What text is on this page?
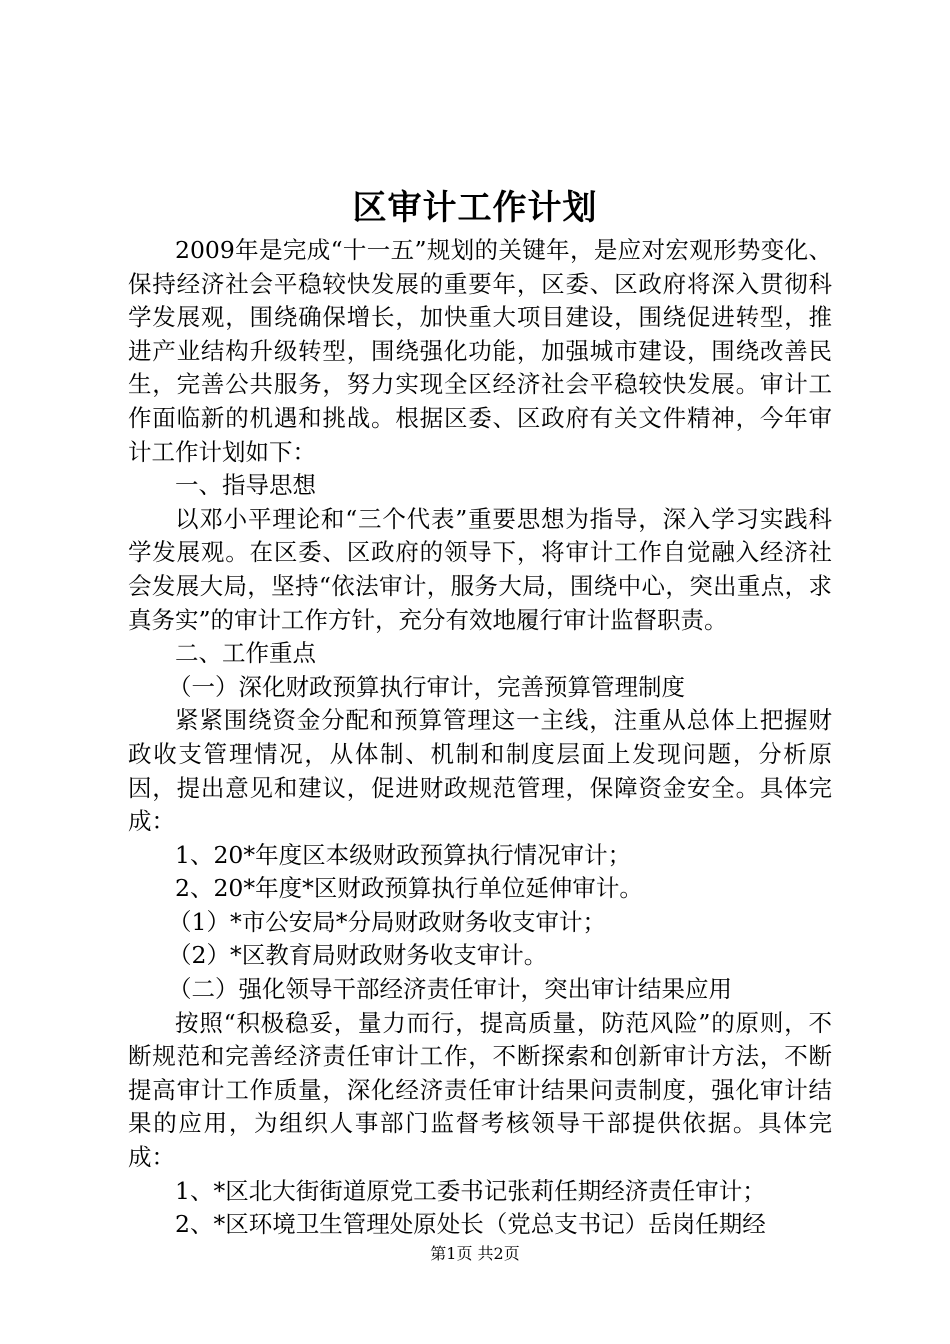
区审计工作计划

2009年是完成“十一五”规划的关键年，是应对宏观形势变化、保持经济社会平稳较快发展的重要年，区委、区政府将深入贯彻科学发展观，围绕确保增长，加快重大项目建设，围绕促进转型，推进产业结构升级转型，围绕强化功能，加强城市建设，围绕改善民生，完善公共服务，努力实现全区经济社会平稳较快发展。审计工作面临新的机遇和挑战。根据区委、区政府有关文件精神，今年审计工作计划如下：

一、指导思想

以邓小平理论和“三个代表”重要思想为指导，深入学习实践科学发展观。在区委、区政府的领导下，将审计工作自觉融入经济社会发展大局，坚持“依法审计，服务大局，围绕中心，突出重点，求真务实”的审计工作方针，充分有效地履行审计监督职责。

二、工作重点

（一）深化财政预算执行审计，完善预算管理制度

紧紧围绕资金分配和预算管理这一主线，注重从总体上把握财政收支管理情况，从体制、机制和制度层面上发现问题，分析原因，提出意见和建议，促进财政规范管理，保障资金安全。具体完成：

1、20*年度区本级财政预算执行情况审计；

2、20*年度*区财政预算执行单位延伸审计。

（1）*市公安局*分局财政财务收支审计；

（2）*区教育局财政财务收支审计。

（二）强化领导干部经济责任审计，突出审计结果应用

按照“积极稳妥，量力而行，提高质量，防范风险”的原则，不断规范和完善经济责任审计工作，不断探索和创新审计方法，不断提高审计工作质量，深化经济责任审计结果问责制度，强化审计结果的应用，为组织人事部门监督考核领导干部提供依据。具体完成：

1、*区北大街街道原党工委书记张莉任期经济责任审计；

2、*区环境卫生管理处原处长（党总支书记）岳岗任期经

第1页 共2页
